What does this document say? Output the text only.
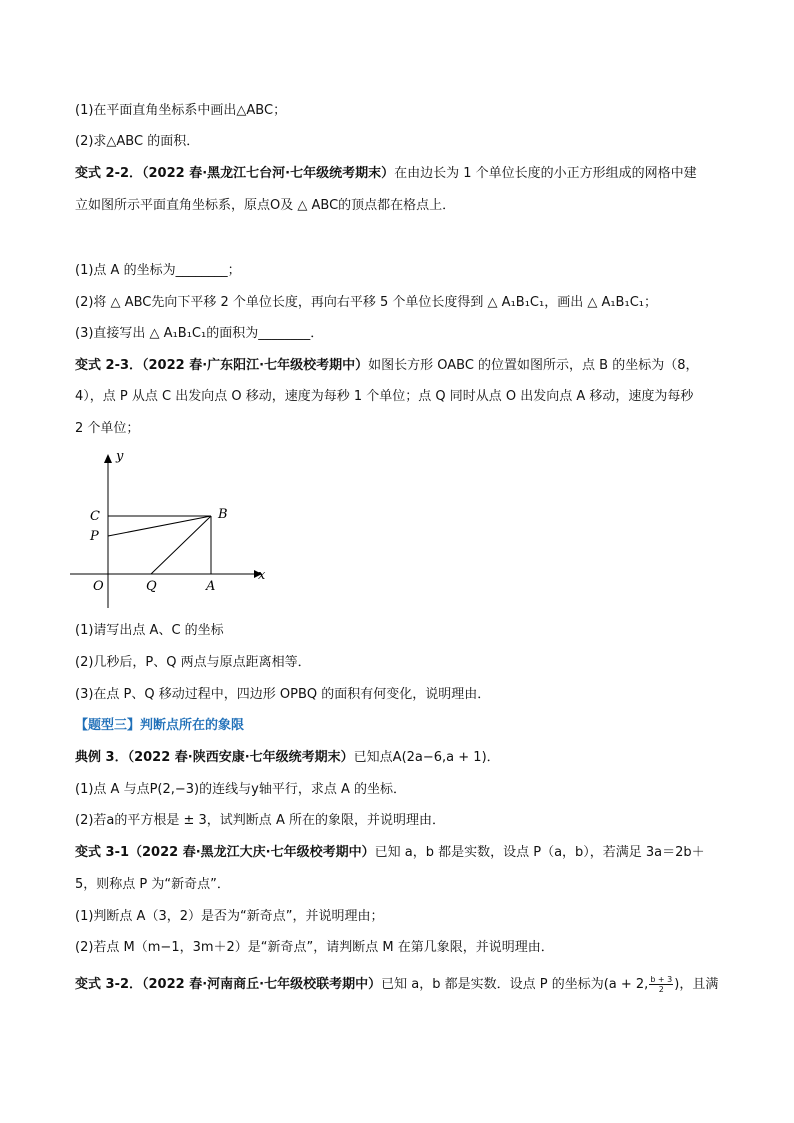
(1)在平面直角坐标系中画出△ABC；
(2)求△ABC 的面积．
变式 2-2．（2022 春·黑龙江七台河·七年级统考期末）在由边长为 1 个单位长度的小正方形组成的网格中建
立如图所示平面直角坐标系，原点O及 △ ABC的顶点都在格点上．
(1)点 A 的坐标为________；
(2)将 △ ABC先向下平移 2 个单位长度，再向右平移 5 个单位长度得到 △ A₁B₁C₁，画出 △ A₁B₁C₁；
(3)直接写出 △ A₁B₁C₁的面积为________．
变式 2-3．（2022 春·广东阳江·七年级校考期中）如图长方形 OABC 的位置如图所示，点 B 的坐标为（8，
4），点 P 从点 C 出发向点 O 移动，速度为每秒 1 个单位；点 Q 同时从点 O 出发向点 A 移动，速度为每秒
2 个单位；
y
x
O	Q	A
B
C
P
(1)请写出点 A、C 的坐标
(2)几秒后，P、Q 两点与原点距离相等．
(3)在点 P、Q 移动过程中，四边形 OPBQ 的面积有何变化，说明理由．
【题型三】判断点所在的象限
典例 3．（2022 春·陕西安康·七年级统考期末）已知点A(2a−6,a + 1)．
(1)点 A 与点P(2,−3)的连线与y轴平行，求点 A 的坐标．
(2)若a的平方根是 ± 3，试判断点 A 所在的象限，并说明理由．
变式 3-1（2022 春·黑龙江大庆·七年级校考期中）已知 a，b 都是实数，设点 P（a，b），若满足 3a＝2b＋
5，则称点 P 为“新奇点”．
(1)判断点 A（3，2）是否为“新奇点”，并说明理由；
(2)若点 M（m−1，3m＋2）是“新奇点”，请判断点 M 在第几象限，并说明理由．
变式 3-2．（2022 春·河南商丘·七年级校联考期中）已知 a，b 都是实数．设点 P 的坐标为(a + 2, $\frac{b + 3}{2}$ )，且满
